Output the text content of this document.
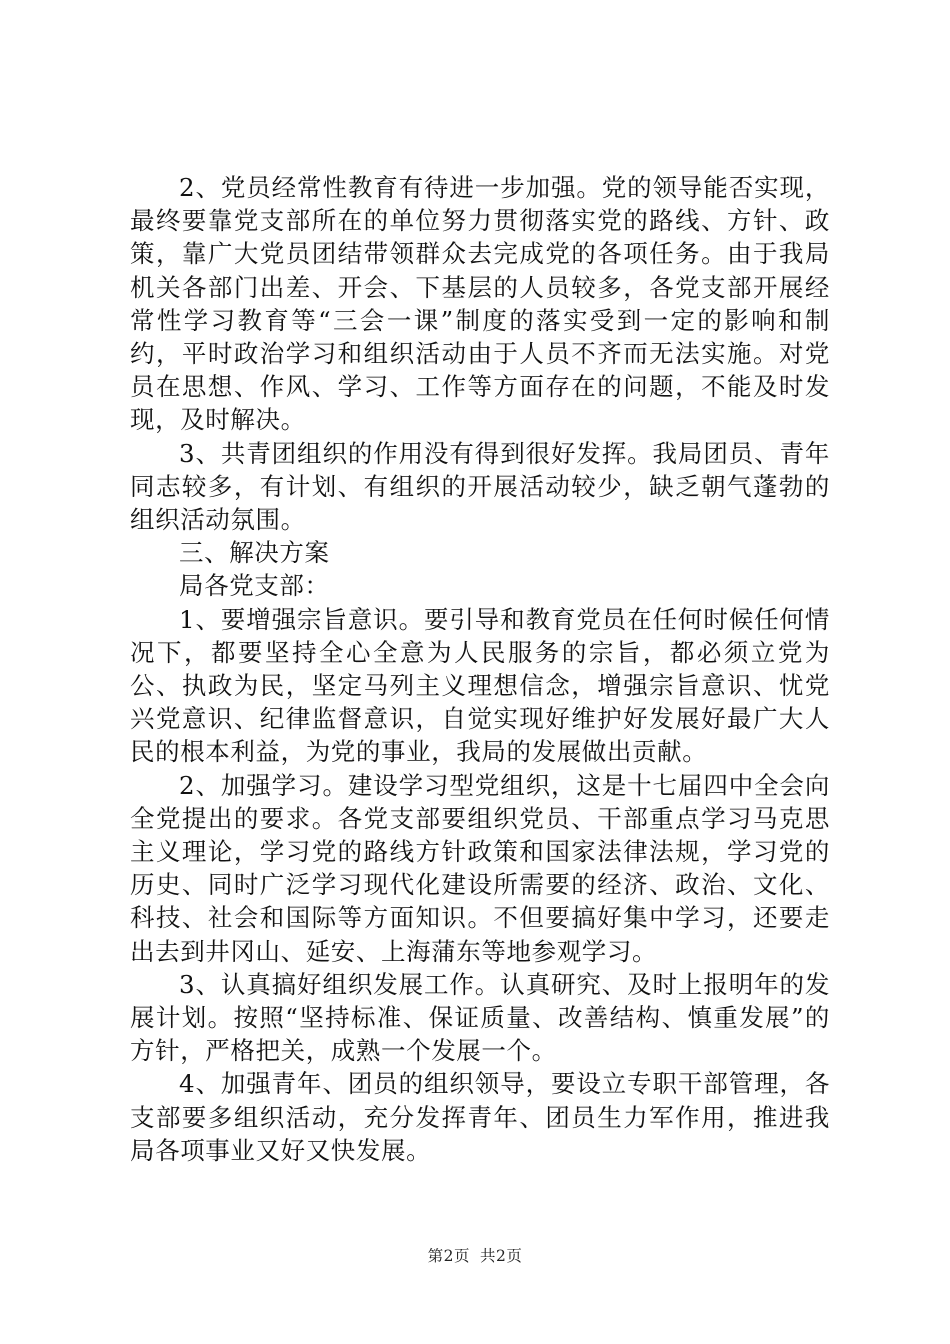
2、党员经常性教育有待进一步加强。党的领导能否实现，最终要靠党支部所在的单位努力贯彻落实党的路线、方针、政策，靠广大党员团结带领群众去完成党的各项任务。由于我局机关各部门出差、开会、下基层的人员较多，各党支部开展经常性学习教育等“三会一课”制度的落实受到一定的影响和制约，平时政治学习和组织活动由于人员不齐而无法实施。对党员在思想、作风、学习、工作等方面存在的问题，不能及时发现，及时解决。

3、共青团组织的作用没有得到很好发挥。我局团员、青年同志较多，有计划、有组织的开展活动较少，缺乏朝气蓬勃的组织活动氛围。

三、解决方案

局各党支部：

1、要增强宗旨意识。要引导和教育党员在任何时候任何情况下，都要坚持全心全意为人民服务的宗旨，都必须立党为公、执政为民，坚定马列主义理想信念，增强宗旨意识、忧党兴党意识、纪律监督意识，自觉实现好维护好发展好最广大人民的根本利益，为党的事业，我局的发展做出贡献。

2、加强学习。建设学习型党组织，这是十七届四中全会向全党提出的要求。各党支部要组织党员、干部重点学习马克思主义理论，学习党的路线方针政策和国家法律法规，学习党的历史、同时广泛学习现代化建设所需要的经济、政治、文化、科技、社会和国际等方面知识。不但要搞好集中学习，还要走出去到井冈山、延安、上海蒲东等地参观学习。

3、认真搞好组织发展工作。认真研究、及时上报明年的发展计划。按照“坚持标准、保证质量、改善结构、慎重发展”的方针，严格把关，成熟一个发展一个。

4、加强青年、团员的组织领导，要设立专职干部管理，各支部要多组织活动，充分发挥青年、团员生力军作用，推进我局各项事业又好又快发展。

第2页 共2页
